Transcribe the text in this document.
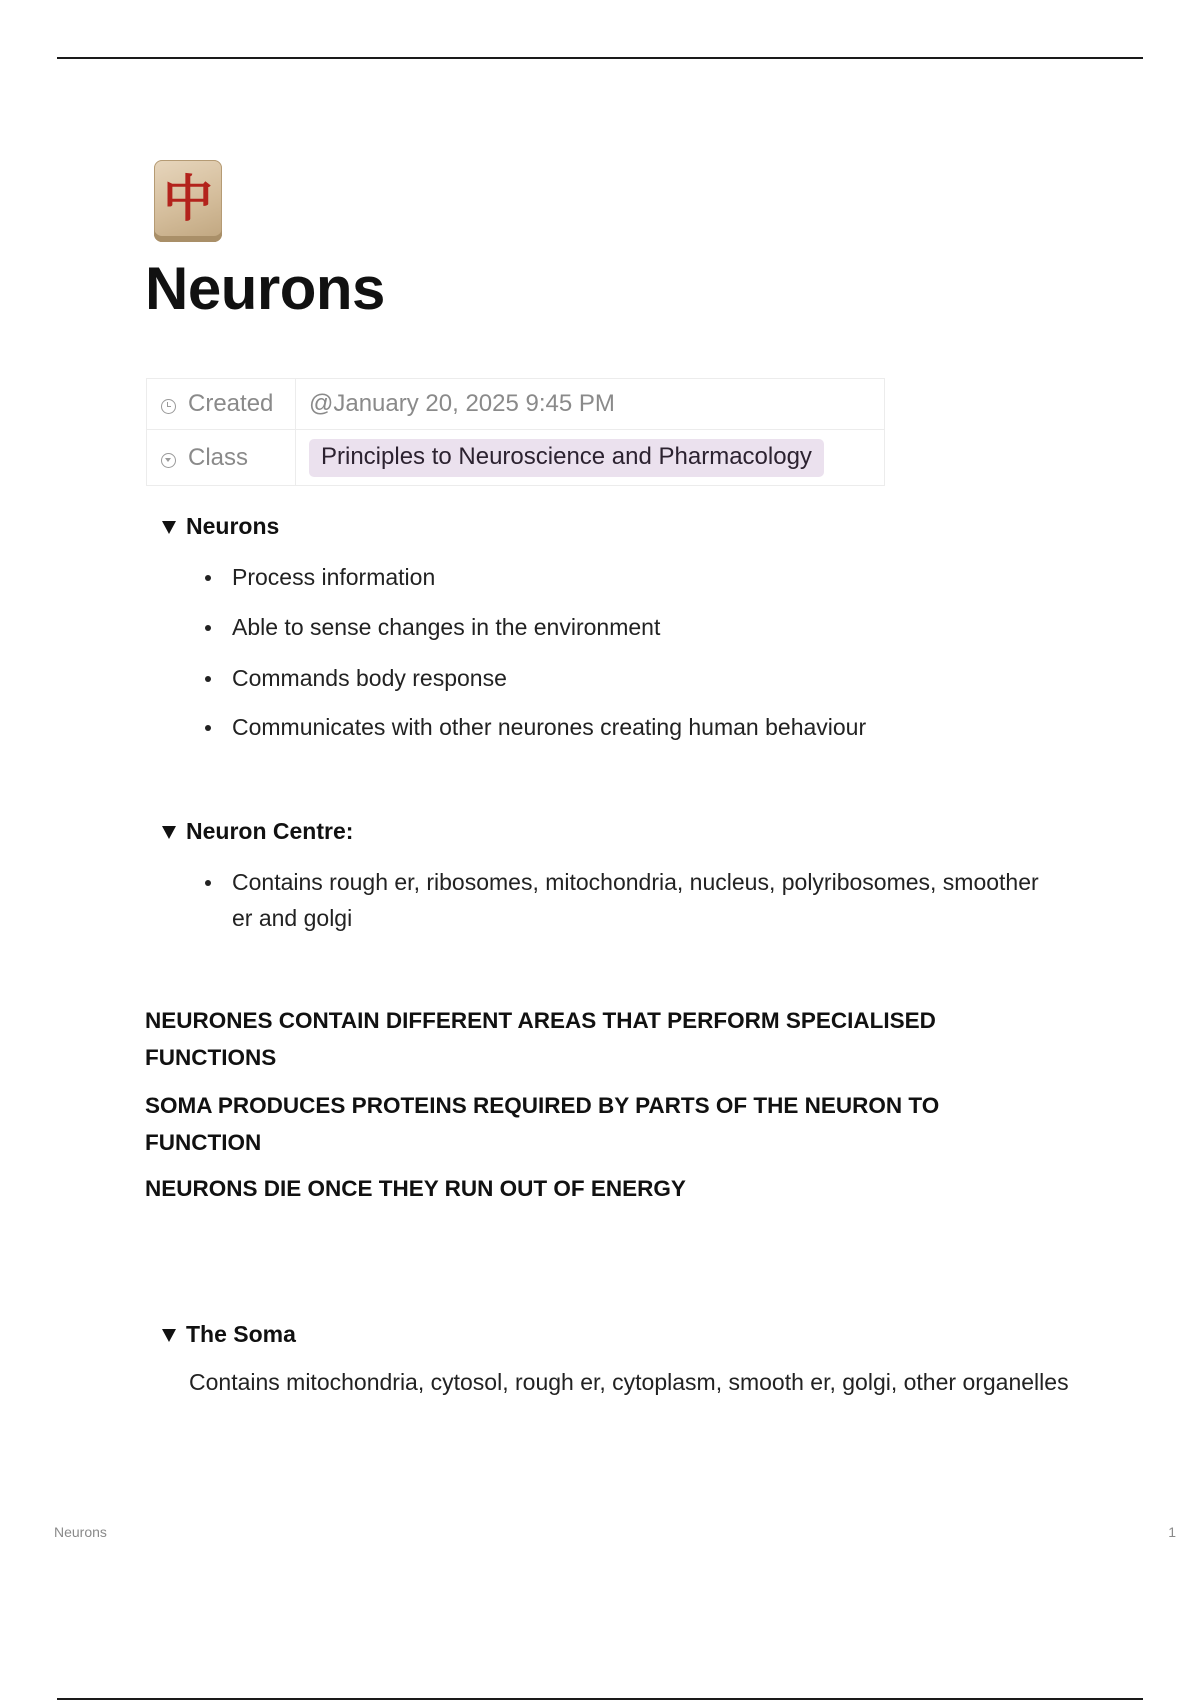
中
Neurons
Created	@January 20, 2025 9:45 PM
Class	Principles to Neuroscience and Pharmacology
Neurons
Process information
Able to sense changes in the environment
Commands body response
Communicates with other neurones creating human behaviour
Neuron Centre:
Contains rough er, ribosomes, mitochondria, nucleus, polyribosomes, smoother er and golgi

NEURONES CONTAIN DIFFERENT AREAS THAT PERFORM SPECIALISED FUNCTIONS

SOMA PRODUCES PROTEINS REQUIRED BY PARTS OF THE NEURON TO FUNCTION

NEURONS DIE ONCE THEY RUN OUT OF ENERGY

The Soma

Contains mitochondria, cytosol, rough er, cytoplasm, smooth er, golgi, other organelles

Neurons	1
